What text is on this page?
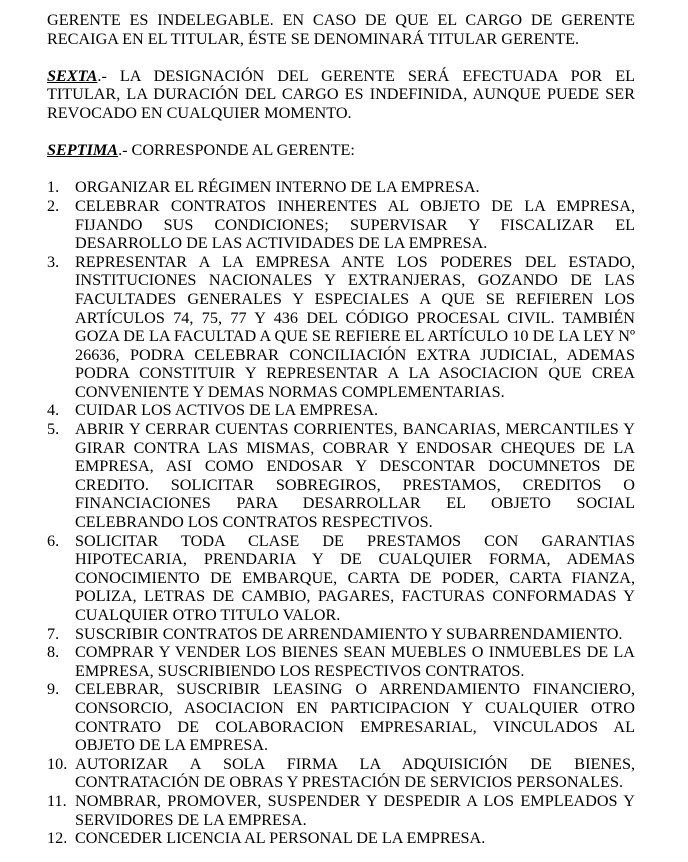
GERENTE ES INDELEGABLE. EN CASO DE QUE EL CARGO DE GERENTE RECAIGA EN EL TITULAR, ÉSTE SE DENOMINARÁ TITULAR GERENTE.

SEXTA.- LA DESIGNACIÓN DEL GERENTE SERÁ EFECTUADA POR EL TITULAR, LA DURACIÓN DEL CARGO ES INDEFINIDA, AUNQUE PUEDE SER REVOCADO EN CUALQUIER MOMENTO.

SEPTIMA.- CORRESPONDE AL GERENTE:

1. ORGANIZAR EL RÉGIMEN INTERNO DE LA EMPRESA.
2. CELEBRAR CONTRATOS INHERENTES AL OBJETO DE LA EMPRESA, FIJANDO SUS CONDICIONES; SUPERVISAR Y FISCALIZAR EL DESARROLLO DE LAS ACTIVIDADES DE LA EMPRESA.
3. REPRESENTAR A LA EMPRESA ANTE LOS PODERES DEL ESTADO, INSTITUCIONES NACIONALES Y EXTRANJERAS, GOZANDO DE LAS FACULTADES GENERALES Y ESPECIALES A QUE SE REFIEREN LOS ARTÍCULOS 74, 75, 77 Y 436 DEL CÓDIGO PROCESAL CIVIL. TAMBIÉN GOZA DE LA FACULTAD A QUE SE REFIERE EL ARTÍCULO 10 DE LA LEY Nº 26636, PODRA CELEBRAR CONCILIACIÓN EXTRA JUDICIAL, ADEMAS PODRA CONSTITUIR Y REPRESENTAR A LA ASOCIACION QUE CREA CONVENIENTE Y DEMAS NORMAS COMPLEMENTARIAS.
4. CUIDAR LOS ACTIVOS DE LA EMPRESA.
5. ABRIR Y CERRAR CUENTAS CORRIENTES, BANCARIAS, MERCANTILES Y GIRAR CONTRA LAS MISMAS, COBRAR Y ENDOSAR CHEQUES DE LA EMPRESA, ASI COMO ENDOSAR Y DESCONTAR DOCUMNETOS DE CREDITO. SOLICITAR SOBREGIROS, PRESTAMOS, CREDITOS O FINANCIACIONES PARA DESARROLLAR EL OBJETO SOCIAL CELEBRANDO LOS CONTRATOS RESPECTIVOS.
6. SOLICITAR TODA CLASE DE PRESTAMOS CON GARANTIAS HIPOTECARIA, PRENDARIA Y DE CUALQUIER FORMA, ADEMAS CONOCIMIENTO DE EMBARQUE, CARTA DE PODER, CARTA FIANZA, POLIZA, LETRAS DE CAMBIO, PAGARES, FACTURAS CONFORMADAS Y CUALQUIER OTRO TITULO VALOR.
7. SUSCRIBIR CONTRATOS DE ARRENDAMIENTO Y SUBARRENDAMIENTO.
8. COMPRAR Y VENDER LOS BIENES SEAN MUEBLES O INMUEBLES DE LA EMPRESA, SUSCRIBIENDO LOS RESPECTIVOS CONTRATOS.
9. CELEBRAR, SUSCRIBIR LEASING O ARRENDAMIENTO FINANCIERO, CONSORCIO, ASOCIACION EN PARTICIPACION Y CUALQUIER OTRO CONTRATO DE COLABORACION EMPRESARIAL, VINCULADOS AL OBJETO DE LA EMPRESA.
10. AUTORIZAR A SOLA FIRMA LA ADQUISICIÓN DE BIENES, CONTRATACIÓN DE OBRAS Y PRESTACIÓN DE SERVICIOS PERSONALES.
11. NOMBRAR, PROMOVER, SUSPENDER Y DESPEDIR A LOS EMPLEADOS Y SERVIDORES DE LA EMPRESA.
12. CONCEDER LICENCIA AL PERSONAL DE LA EMPRESA.
